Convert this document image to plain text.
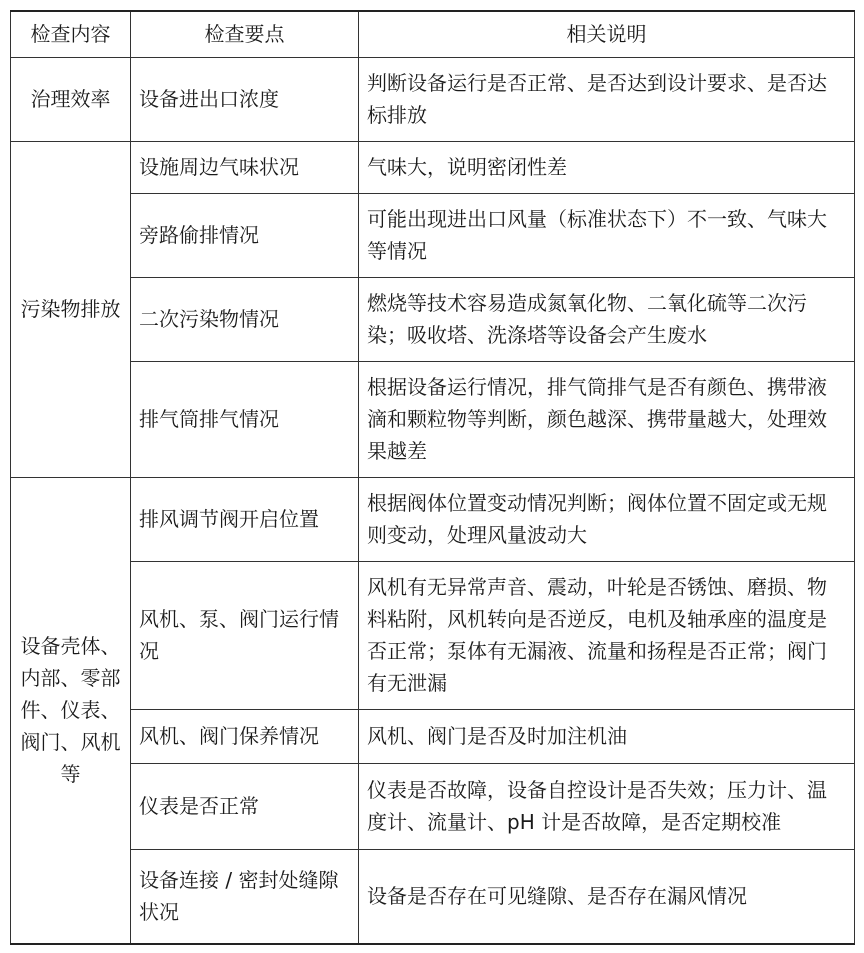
检查内容	检查要点	相关说明
治理效率	设备进出口浓度	判断设备运行是否正常、是否达到设计要求、是否达标排放
污染物排放	设施周边气味状况	气味大，说明密闭性差
	旁路偷排情况	可能出现进出口风量（标准状态下）不一致、气味大等情况
	二次污染物情况	燃烧等技术容易造成氮氧化物、二氧化硫等二次污染；吸收塔、洗涤塔等设备会产生废水
	排气筒排气情况	根据设备运行情况，排气筒排气是否有颜色、携带液滴和颗粒物等判断，颜色越深、携带量越大，处理效果越差
设备壳体、内部、零部件、仪表、阀门、风机等	排风调节阀开启位置	根据阀体位置变动情况判断；阀体位置不固定或无规则变动，处理风量波动大
	风机、泵、阀门运行情况	风机有无异常声音、震动，叶轮是否锈蚀、磨损、物料粘附，风机转向是否逆反，电机及轴承座的温度是否正常；泵体有无漏液、流量和扬程是否正常；阀门有无泄漏
	风机、阀门保养情况	风机、阀门是否及时加注机油
	仪表是否正常	仪表是否故障，设备自控设计是否失效；压力计、温度计、流量计、pH 计是否故障，是否定期校准
	设备连接 / 密封处缝隙状况	设备是否存在可见缝隙、是否存在漏风情况
